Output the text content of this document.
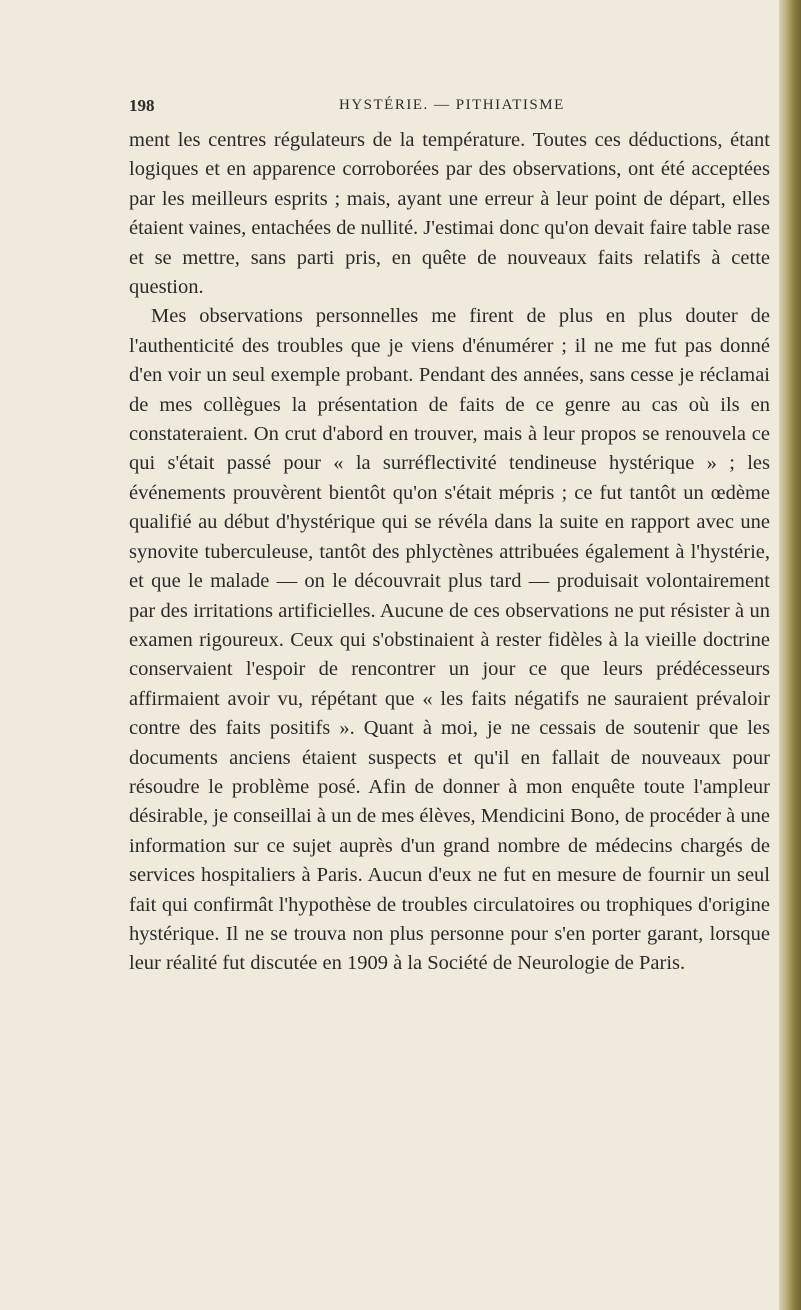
198	HYSTÉRIE. — PITHIATISME

ment les centres régulateurs de la température. Toutes ces déductions, étant logiques et en apparence corroborées par des observations, ont été acceptées par les meilleurs esprits ; mais, ayant une erreur à leur point de départ, elles étaient vaines, entachées de nullité. J'estimai donc qu'on devait faire table rase et se mettre, sans parti pris, en quête de nouveaux faits relatifs à cette question.

Mes observations personnelles me firent de plus en plus douter de l'authenticité des troubles que je viens d'énumérer ; il ne me fut pas donné d'en voir un seul exemple probant. Pendant des années, sans cesse je réclamai de mes collègues la présentation de faits de ce genre au cas où ils en constateraient. On crut d'abord en trouver, mais à leur propos se renouvela ce qui s'était passé pour « la surréflectivité tendineuse hystérique » ; les événements prouvèrent bientôt qu'on s'était mépris ; ce fut tantôt un œdème qualifié au début d'hystérique qui se révéla dans la suite en rapport avec une synovite tuberculeuse, tantôt des phlyctènes attribuées également à l'hystérie, et que le malade — on le découvrait plus tard — produisait volontairement par des irritations artificielles. Aucune de ces observations ne put résister à un examen rigoureux. Ceux qui s'obstinaient à rester fidèles à la vieille doctrine conservaient l'espoir de rencontrer un jour ce que leurs prédécesseurs affirmaient avoir vu, répétant que « les faits négatifs ne sauraient prévaloir contre des faits positifs ». Quant à moi, je ne cessais de soutenir que les documents anciens étaient suspects et qu'il en fallait de nouveaux pour résoudre le problème posé. Afin de donner à mon enquête toute l'ampleur désirable, je conseillai à un de mes élèves, Mendicini Bono, de procéder à une information sur ce sujet auprès d'un grand nombre de médecins chargés de services hospitaliers à Paris. Aucun d'eux ne fut en mesure de fournir un seul fait qui confirmât l'hypothèse de troubles circulatoires ou trophiques d'origine hystérique. Il ne se trouva non plus personne pour s'en porter garant, lorsque leur réalité fut discutée en 1909 à la Société de Neurologie de Paris.
